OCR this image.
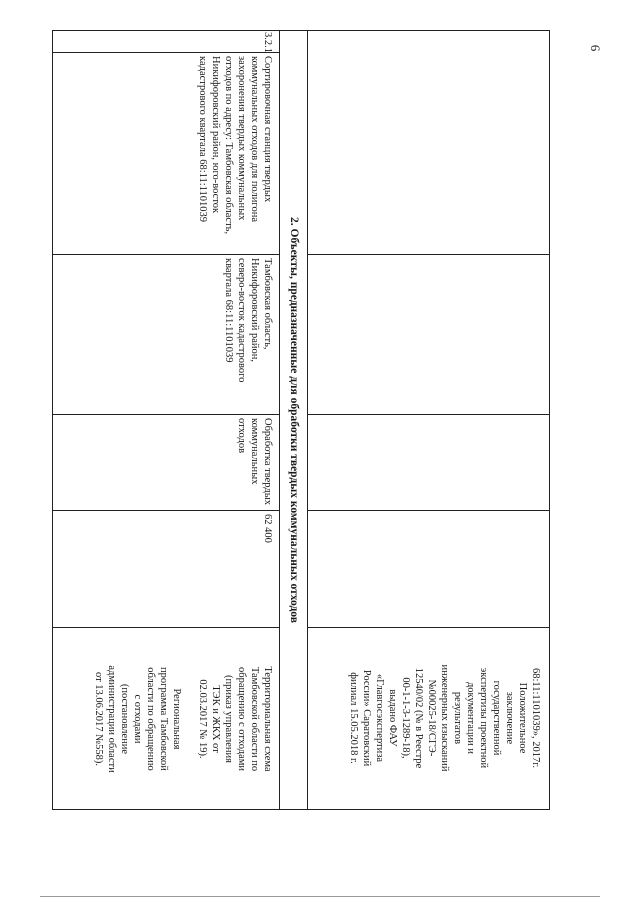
6
68:11:1101039», 2017г.
Положительное
заключение
государственной
экспертизы проектной
документации и
результатов
инженерных изысканий
№00025-18/СГЭ-
12540/02 (№ в Реестре
00-1-1-3-1289-18),
выдано ФАУ
«Главгосэкспертиза
России» Саратовский
филиал 15.05.2018 г.
2. Объекты, предназначенные для обработки твердых коммунальных отходов
3.2.1
Сортировочная станция твердых
коммунальных отходов для полигона
захоронения твердых коммунальных
отходов по адресу: Тамбовская область,
Никифоровский район, юго-восток
кадастрового квартала 68:11:1101039
Тамбовская область,
Никифоровский район,
северо-восток кадастрового
квартала 68:11:1101039
Обработка твердых
коммунальных
отходов
62 400
Территориальная схема
Тамбовской области по
обращению с отходами
(приказ управления
ТЭК и ЖКХ от
02.03.2017 № 19).

Региональная
программа Тамбовской
области по обращению
с отходами
(постановление
администрации области
от 13.06.2017 №558).
